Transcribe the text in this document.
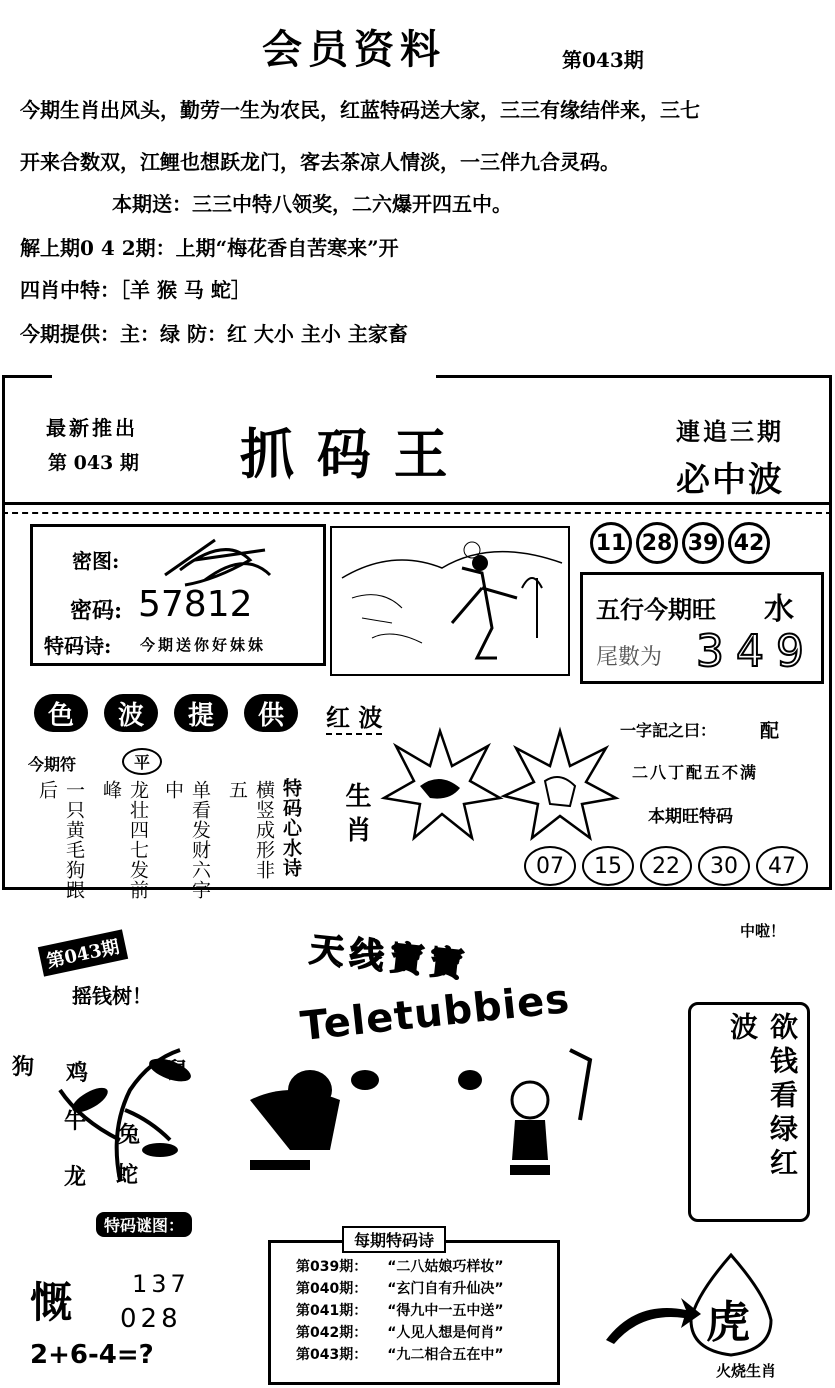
会员资料	第043期
今期生肖出风头，勤劳一生为农民，红蓝特码送大家，三三有缘结伴来，三七
开来合数双，江鲤也想跃龙门，客去茶凉人情淡，一三伴九合灵码。
本期送：三三中特八领奖，二六爆开四五中。
解上期0 4 2期：上期“梅花香自苦寒来”开
四肖中特：［羊 猴 马 蛇］
今期提供：主：绿 防：红 大小 主小 主家畜
最新推出
第 043 期 抓 码 王	連追三期
必中波
密图:
密码: 57812
特码诗: 今期送你好妹妹
11 28 39 42
五行今期旺 水
尾數为 349
色	波	提	供	红 波
今期符	平
一只黄毛狗跟后	龙壮四七发前峰	单看发财六字中	横竖成形非一五	特码心水诗 生肖
一字記之曰： 配
二八丁配五不满
本期旺特码
07	15	22	30	47
第043期
摇钱树！
狗 鸡	鼠
牛
兔
龙 蛇
天线寶寶
Teletubbies
中啦！
欲钱看绿红波
特码谜图：
慨 137
028
2+6-4=?
每期特码诗
第039期： “二八姑娘巧样妆”
第040期： “玄门自有升仙决”
第041期： “得九中一五中送”
第042期： “人见人想是何肖”
第043期： “九二相合五在中”
虎
火烧生肖
